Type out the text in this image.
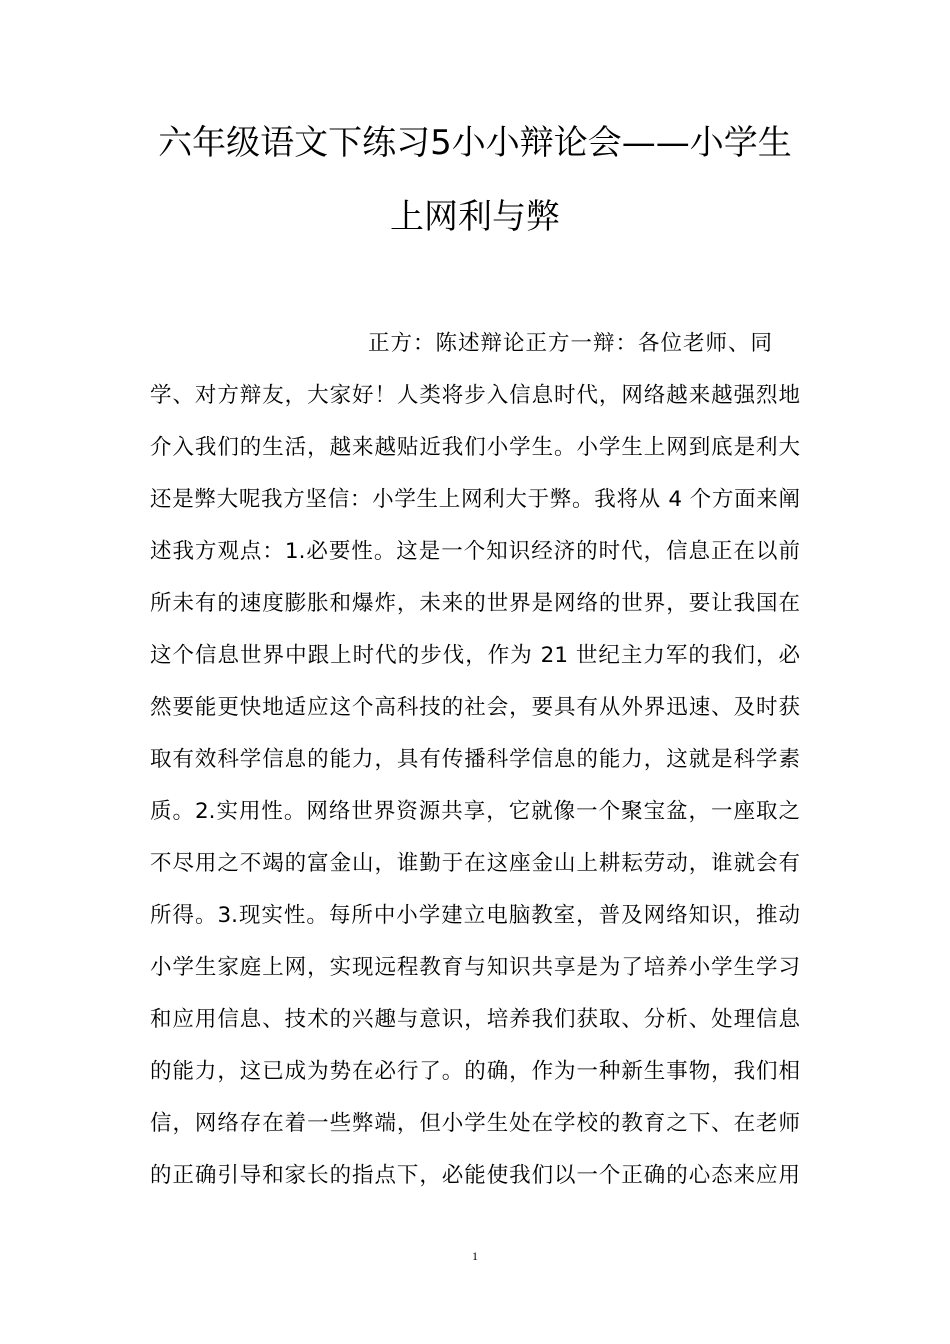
六年级语文下练习5小小辩论会——小学生
上网利与弊
正方：陈述辩论正方一辩：各位老师、同
学、对方辩友，大家好！人类将步入信息时代，网络越来越强烈地
介入我们的生活，越来越贴近我们小学生。小学生上网到底是利大
还是弊大呢我方坚信：小学生上网利大于弊。我将从 4 个方面来阐
述我方观点：1.必要性。这是一个知识经济的时代，信息正在以前
所未有的速度膨胀和爆炸，未来的世界是网络的世界，要让我国在
这个信息世界中跟上时代的步伐，作为 21 世纪主力军的我们，必
然要能更快地适应这个高科技的社会，要具有从外界迅速、及时获
取有效科学信息的能力，具有传播科学信息的能力，这就是科学素
质。2.实用性。网络世界资源共享，它就像一个聚宝盆，一座取之
不尽用之不竭的富金山，谁勤于在这座金山上耕耘劳动，谁就会有
所得。3.现实性。每所中小学建立电脑教室，普及网络知识，推动
小学生家庭上网，实现远程教育与知识共享是为了培养小学生学习
和应用信息、技术的兴趣与意识，培养我们获取、分析、处理信息
的能力，这已成为势在必行了。的确，作为一种新生事物，我们相
信，网络存在着一些弊端，但小学生处在学校的教育之下、在老师
的正确引导和家长的指点下，必能使我们以一个正确的心态来应用
1
